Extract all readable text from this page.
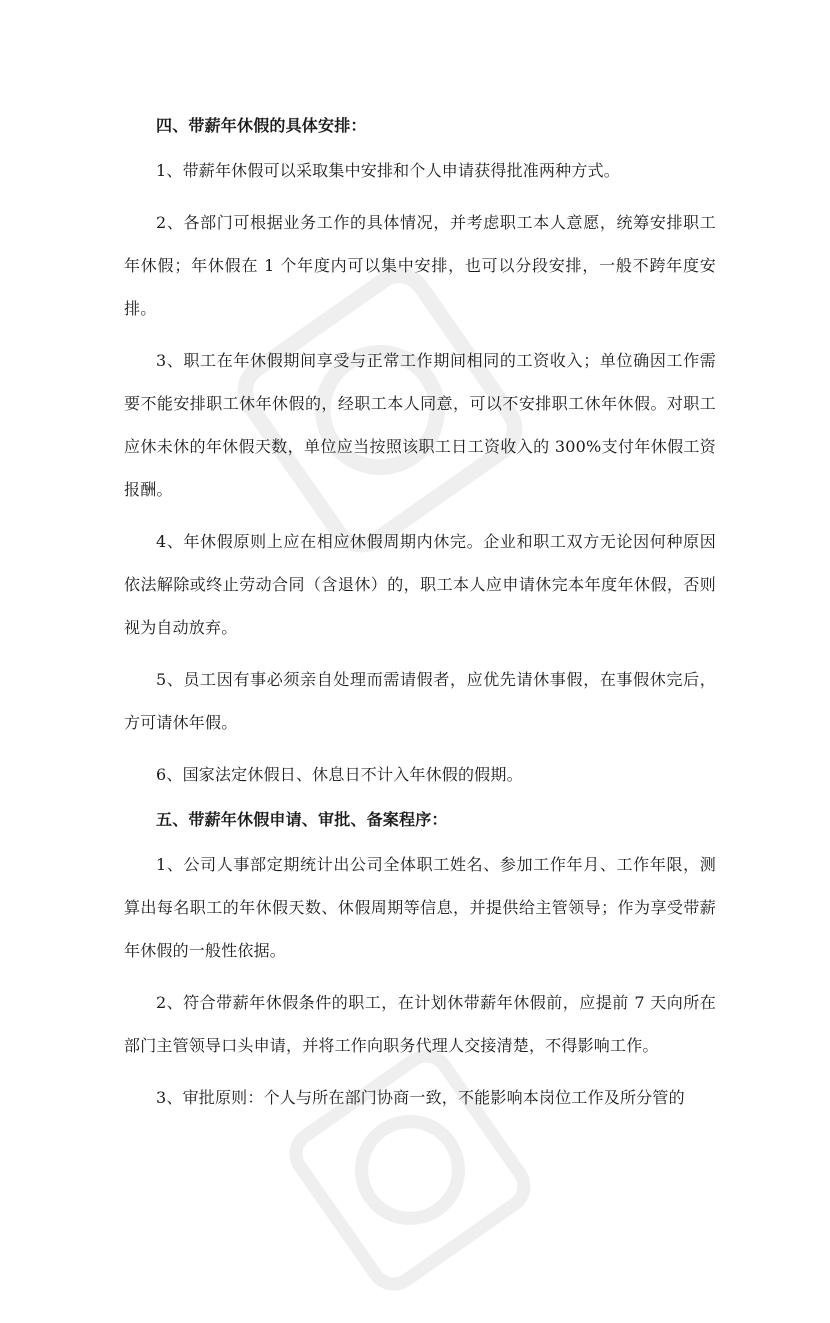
四、带薪年休假的具体安排：

1、带薪年休假可以采取集中安排和个人申请获得批准两种方式。

2、各部门可根据业务工作的具体情况，并考虑职工本人意愿，统筹安排职工年休假；年休假在 1 个年度内可以集中安排，也可以分段安排，一般不跨年度安排。

3、职工在年休假期间享受与正常工作期间相同的工资收入；单位确因工作需要不能安排职工休年休假的，经职工本人同意，可以不安排职工休年休假。对职工应休未休的年休假天数，单位应当按照该职工日工资收入的 300%支付年休假工资报酬。

4、年休假原则上应在相应休假周期内休完。企业和职工双方无论因何种原因依法解除或终止劳动合同（含退休）的，职工本人应申请休完本年度年休假，否则视为自动放弃。

5、员工因有事必须亲自处理而需请假者，应优先请休事假，在事假休完后，方可请休年假。

6、国家法定休假日、休息日不计入年休假的假期。

五、带薪年休假申请、审批、备案程序：

1、公司人事部定期统计出公司全体职工姓名、参加工作年月、工作年限，测算出每名职工的年休假天数、休假周期等信息，并提供给主管领导；作为享受带薪年休假的一般性依据。

2、符合带薪年休假条件的职工，在计划休带薪年休假前，应提前 7 天向所在部门主管领导口头申请，并将工作向职务代理人交接清楚，不得影响工作。

3、审批原则：个人与所在部门协商一致，不能影响本岗位工作及所分管的
